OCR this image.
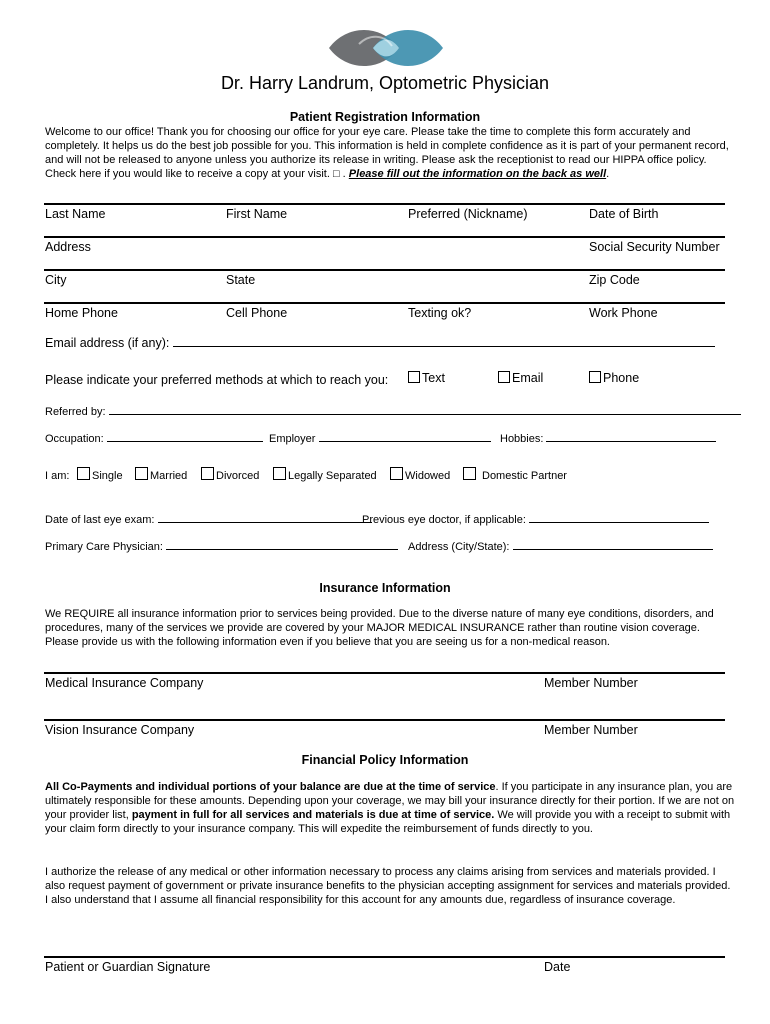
Dr. Harry Landrum, Optometric Physician
Patient Registration Information
Welcome to our office! Thank you for choosing our office for your eye care. Please take the time to complete this form accurately and completely. It helps us do the best job possible for you. This information is held in complete confidence as it is part of your permanent record, and will not be released to anyone unless you authorize its release in writing. Please ask the receptionist to read our HIPPA office policy. Check here if you would like to receive a copy at your visit. □ . Please fill out the information on the back as well.
Last Name	First Name	Preferred (Nickname)	Date of Birth
Address	Social Security Number
City	State	Zip Code
Home Phone	Cell Phone	Texting ok?	Work Phone
Email address (if any):
Please indicate your preferred methods at which to reach you:	Text	Email	Phone
Referred by:
Occupation:	Employer	Hobbies:
I am:	Single	Married	Divorced	Legally Separated	Widowed	Domestic Partner
Date of last eye exam:	Previous eye doctor, if applicable:
Primary Care Physician:	Address (City/State):
Insurance Information
We REQUIRE all insurance information prior to services being provided. Due to the diverse nature of many eye conditions, disorders, and procedures, many of the services we provide are covered by your MAJOR MEDICAL INSURANCE rather than routine vision coverage. Please provide us with the following information even if you believe that you are seeing us for a non-medical reason.
Medical Insurance Company	Member Number
Vision Insurance Company	Member Number
Financial Policy Information
All Co-Payments and individual portions of your balance are due at the time of service. If you participate in any insurance plan, you are ultimately responsible for these amounts. Depending upon your coverage, we may bill your insurance directly for their portion. If we are not on your provider list, payment in full for all services and materials is due at time of service. We will provide you with a receipt to submit with your claim form directly to your insurance company. This will expedite the reimbursement of funds directly to you.
I authorize the release of any medical or other information necessary to process any claims arising from services and materials provided. I also request payment of government or private insurance benefits to the physician accepting assignment for services and materials provided. I also understand that I assume all financial responsibility for this account for any amounts due, regardless of insurance coverage.
Patient or Guardian Signature	Date
